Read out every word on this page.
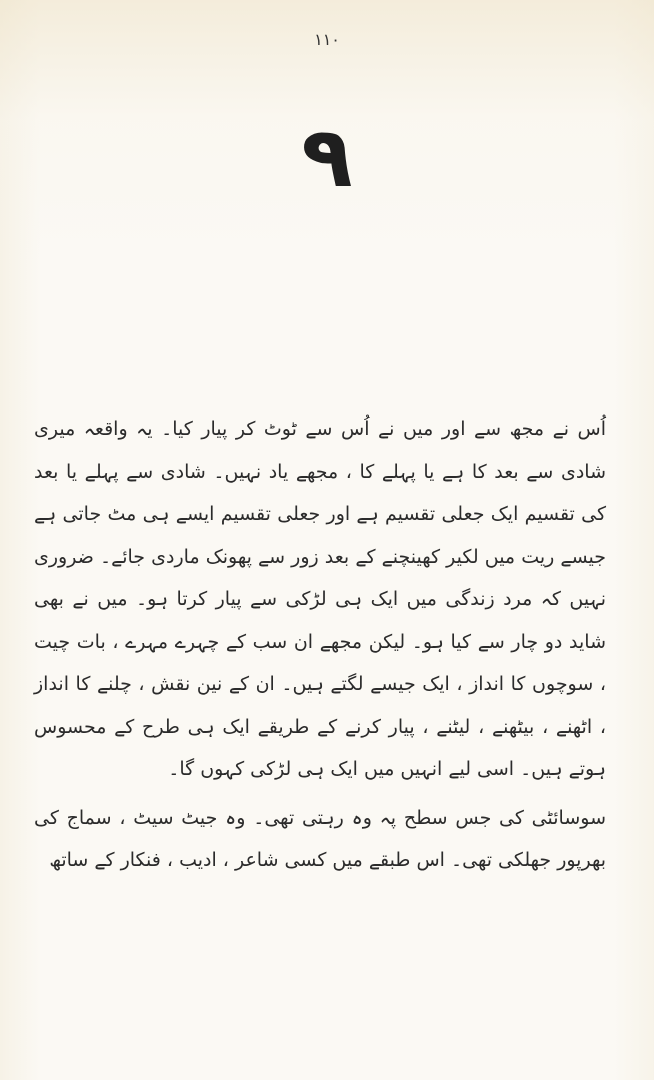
۱۱۰
۹

اُس نے مجھ سے اور میں نے اُس سے ٹوٹ کر پیار کیا۔ یہ واقعہ میری شادی سے بعد کا ہے یا پہلے کا ، مجھے یاد نہیں۔ شادی سے پہلے یا بعد کی تقسیم ایک جعلی تقسیم ہے اور جعلی تقسیم ایسے ہی مٹ جاتی ہے جیسے ریت میں لکیر کھینچنے کے بعد زور سے پھونک ماردی جائے۔ ضروری نہیں کہ مرد زندگی میں ایک ہی لڑکی سے پیار کرتا ہو۔ میں نے بھی شاید دو چار سے کیا ہو۔ لیکن مجھے ان سب کے چہرے مہرے ، بات چیت ، سوچوں کا انداز ، ایک جیسے لگتے ہیں۔ ان کے نین نقش ، چلنے کا انداز ، اٹھنے ، بیٹھنے ، لیٹنے ، پیار کرنے کے طریقے ایک ہی طرح کے محسوس ہوتے ہیں۔ اسی لیے انہیں میں ایک ہی لڑکی کہوں گا۔

سوسائٹی کی جس سطح پہ وہ رہتی تھی۔ وہ جیٹ سیٹ ، سماج کی بھرپور جھلکی تھی۔ اس طبقے میں کسی شاعر ، ادیب ، فنکار کے ساتھ
